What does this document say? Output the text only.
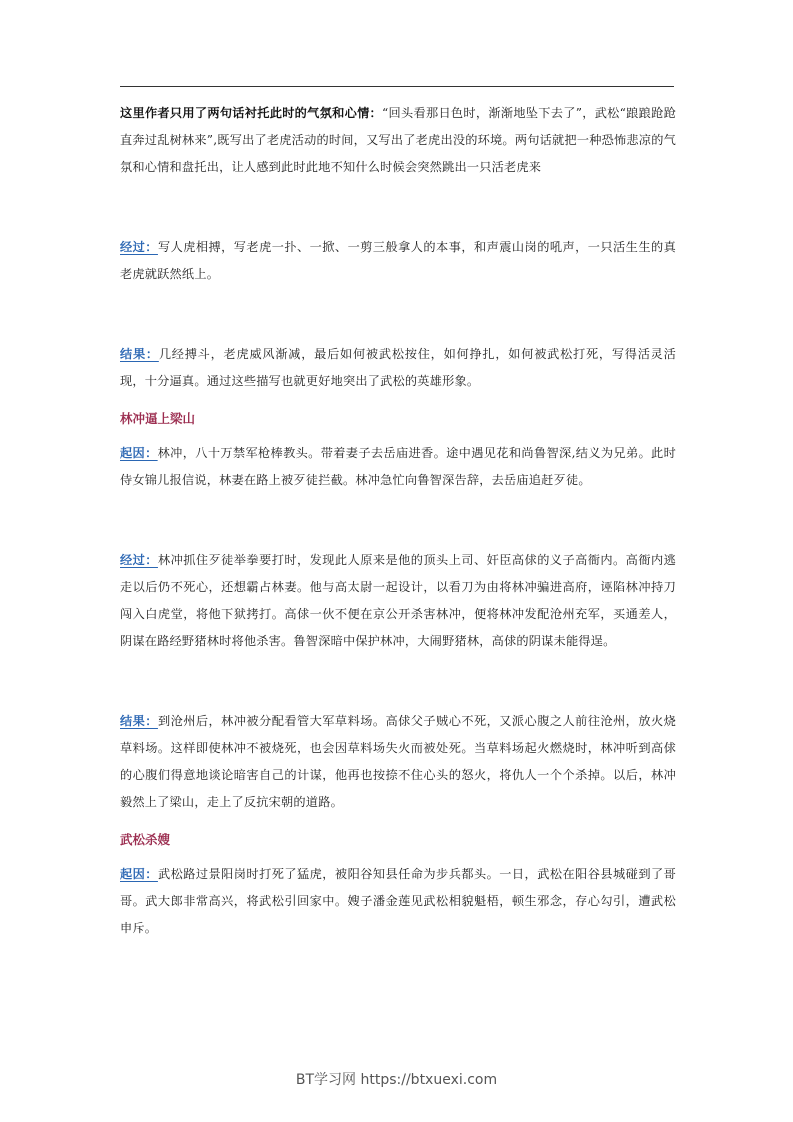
这里作者只用了两句话衬托此时的气氛和心情：“回头看那日色时，渐渐地坠下去了”，武松“踉踉跄跄直奔过乱树林来”,既写出了老虎活动的时间，又写出了老虎出没的环境。两句话就把一种恐怖悲凉的气氛和心情和盘托出，让人感到此时此地不知什么时候会突然跳出一只活老虎来

经过：写人虎相搏，写老虎一扑、一掀、一剪三般拿人的本事，和声震山岗的吼声，一只活生生的真老虎就跃然纸上。

结果：几经搏斗，老虎威风渐减，最后如何被武松按住，如何挣扎，如何被武松打死，写得活灵活现，十分逼真。通过这些描写也就更好地突出了武松的英雄形象。

林冲逼上梁山

起因：林冲，八十万禁军枪棒教头。带着妻子去岳庙进香。途中遇见花和尚鲁智深,结义为兄弟。此时侍女锦儿报信说，林妻在路上被歹徒拦截。林冲急忙向鲁智深告辞，去岳庙追赶歹徒。

经过：林冲抓住歹徒举拳要打时，发现此人原来是他的顶头上司、奸臣高俅的义子高衙内。高衙内逃走以后仍不死心，还想霸占林妻。他与高太尉一起设计，以看刀为由将林冲骗进高府，诬陷林冲持刀闯入白虎堂，将他下狱拷打。高俅一伙不便在京公开杀害林冲，便将林冲发配沧州充军，买通差人，阴谋在路经野猪林时将他杀害。鲁智深暗中保护林冲，大闹野猪林，高俅的阴谋未能得逞。

结果：到沧州后，林冲被分配看管大军草料场。高俅父子贼心不死，又派心腹之人前往沧州，放火烧草料场。这样即使林冲不被烧死，也会因草料场失火而被处死。当草料场起火燃烧时，林冲听到高俅的心腹们得意地谈论暗害自己的计谋，他再也按捺不住心头的怒火，将仇人一个个杀掉。以后，林冲毅然上了梁山，走上了反抗宋朝的道路。

武松杀嫂

起因：武松路过景阳岗时打死了猛虎，被阳谷知县任命为步兵都头。一日，武松在阳谷县城碰到了哥哥。武大郎非常高兴，将武松引回家中。嫂子潘金莲见武松相貌魁梧，顿生邪念，存心勾引，遭武松申斥。

BT学习网 https://btxuexi.com
